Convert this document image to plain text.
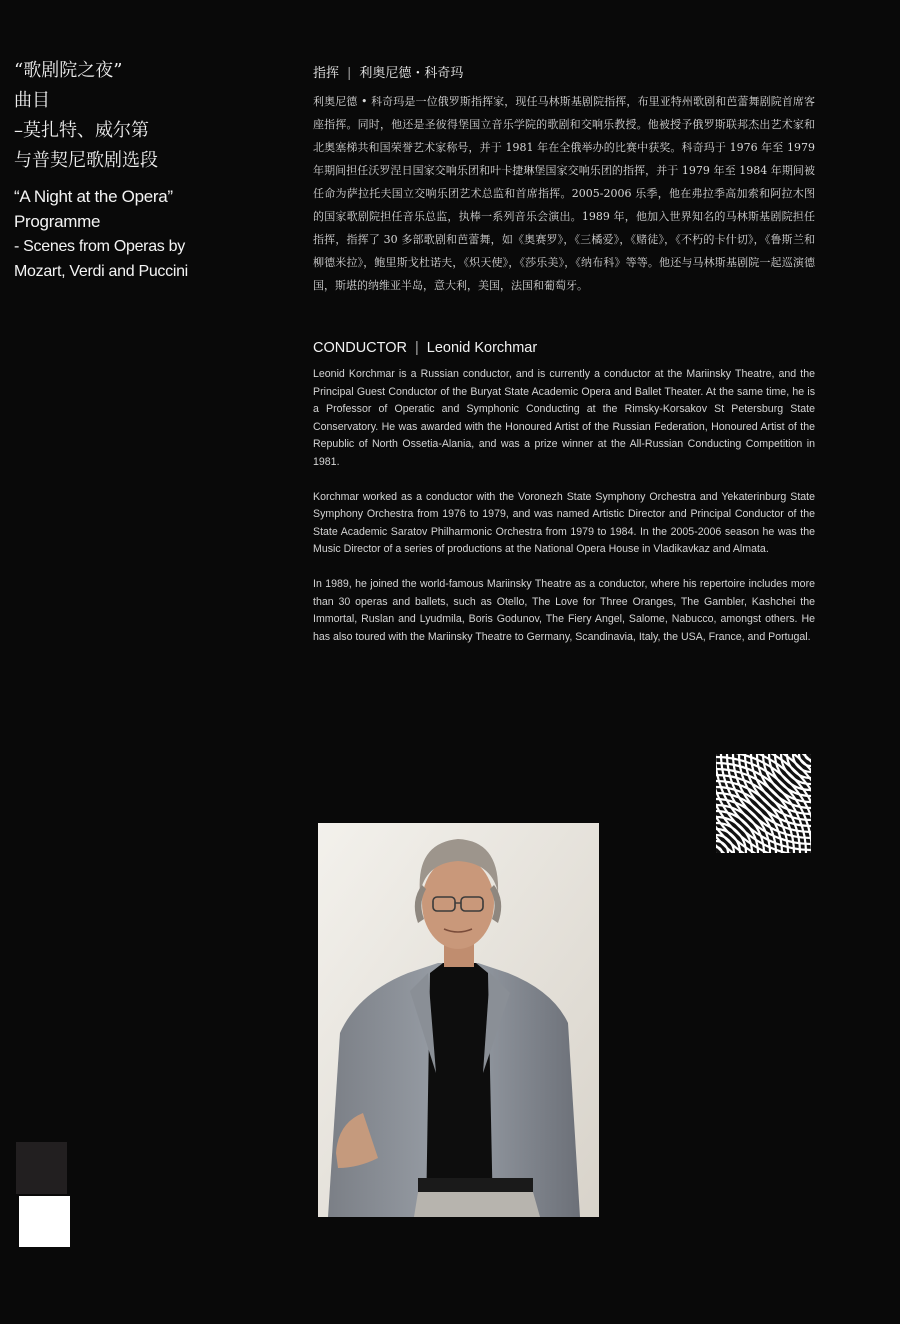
“歌剧院之夜”
曲目
–莫扎特、威尔第
与普契尼歌剧选段
“A Night at the Opera”
Programme
- Scenes from Operas by
Mozart, Verdi and Puccini
指挥 | 利奥尼德・科奇玛

利奥尼德 • 科奇玛是一位俄罗斯指挥家，现任马林斯基剧院指挥，布里亚特州歌剧和芭蕾舞剧院首席客座指挥。同时，他还是圣彼得堡国立音乐学院的歌剧和交响乐教授。他被授予俄罗斯联邦杰出艺术家和北奥塞梯共和国荣誉艺术家称号，并于 1981 年在全俄举办的比赛中获奖。科奇玛于 1976 年至 1979 年期间担任沃罗涅日国家交响乐团和叶卡捷琳堡国家交响乐团的指挥，并于 1979 年至 1984 年期间被任命为萨拉托夫国立交响乐团艺术总监和首席指挥。2005-2006 乐季，他在弗拉季高加索和阿拉木图的国家歌剧院担任音乐总监，执棒一系列音乐会演出。1989 年，他加入世界知名的马林斯基剧院担任指挥，指挥了 30 多部歌剧和芭蕾舞，如《奥赛罗》，《三橘爱》，《赌徒》，《不朽的卡什切》，《鲁斯兰和柳德米拉》，鲍里斯戈杜诺夫，《炽天使》，《莎乐美》，《纳布科》等等。他还与马林斯基剧院一起巡演德国，斯堪的纳维亚半岛，意大利，美国，法国和葡萄牙。

CONDUCTOR | Leonid Korchmar

Leonid Korchmar is a Russian conductor, and is currently a conductor at the Mariinsky Theatre, and the Principal Guest Conductor of the Buryat State Academic Opera and Ballet Theater. At the same time, he is a Professor of Operatic and Symphonic Conducting at the Rimsky-Korsakov St Petersburg State Conservatory. He was awarded with the Honoured Artist of the Russian Federation, Honoured Artist of the Republic of North Ossetia-Alania, and was a prize winner at the All-Russian Conducting Competition in 1981.

Korchmar worked as a conductor with the Voronezh State Symphony Orchestra and Yekaterinburg State Symphony Orchestra from 1976 to 1979, and was named Artistic Director and Principal Conductor of the State Academic Saratov Philharmonic Orchestra from 1979 to 1984. In the 2005-2006 season he was the Music Director of a series of productions at the National Opera House in Vladikavkaz and Almata.

In 1989, he joined the world-famous Mariinsky Theatre as a conductor, where his repertoire includes more than 30 operas and ballets, such as Otello, The Love for Three Oranges, The Gambler, Kashchei the Immortal, Ruslan and Lyudmila, Boris Godunov, The Fiery Angel, Salome, Nabucco, amongst others. He has also toured with the Mariinsky Theatre to Germany, Scandinavia, Italy, the USA, France, and Portugal.
